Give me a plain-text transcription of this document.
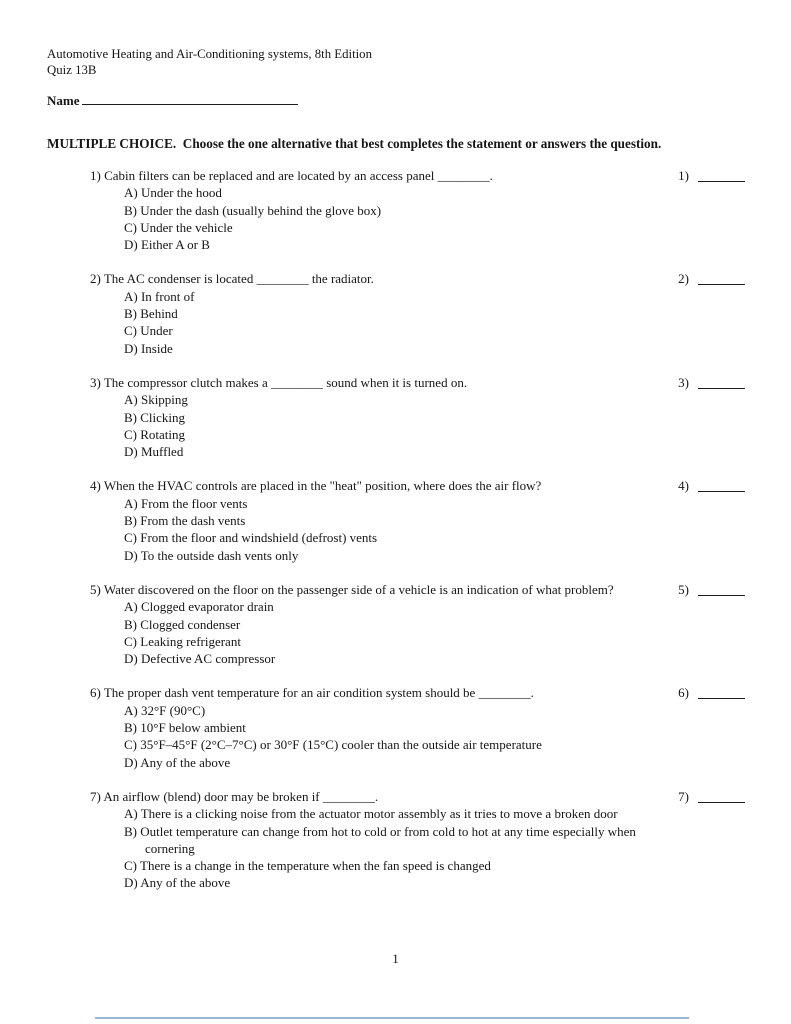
Automotive Heating and Air-Conditioning systems, 8th Edition
Quiz 13B
Name
MULTIPLE CHOICE.  Choose the one alternative that best completes the statement or answers the question.
1) Cabin filters can be replaced and are located by an access panel ________.
A) Under the hood
B) Under the dash (usually behind the glove box)
C) Under the vehicle
D) Either A or B
1)
2) The AC condenser is located ________ the radiator.
A) In front of
B) Behind
C) Under
D) Inside
2)
3) The compressor clutch makes a ________ sound when it is turned on.
A) Skipping
B) Clicking
C) Rotating
D) Muffled
3)
4) When the HVAC controls are placed in the "heat" position, where does the air flow?
A) From the floor vents
B) From the dash vents
C) From the floor and windshield (defrost) vents
D) To the outside dash vents only
4)
5) Water discovered on the floor on the passenger side of a vehicle is an indication of what problem?
A) Clogged evaporator drain
B) Clogged condenser
C) Leaking refrigerant
D) Defective AC compressor
5)
6) The proper dash vent temperature for an air condition system should be ________.
A) 32°F (90°C)
B) 10°F below ambient
C) 35°F–45°F (2°C–7°C) or 30°F (15°C) cooler than the outside air temperature
D) Any of the above
6)
7) An airflow (blend) door may be broken if ________.
A) There is a clicking noise from the actuator motor assembly as it tries to move a broken door
B) Outlet temperature can change from hot to cold or from cold to hot at any time especially when cornering
C) There is a change in the temperature when the fan speed is changed
D) Any of the above
7)
1
